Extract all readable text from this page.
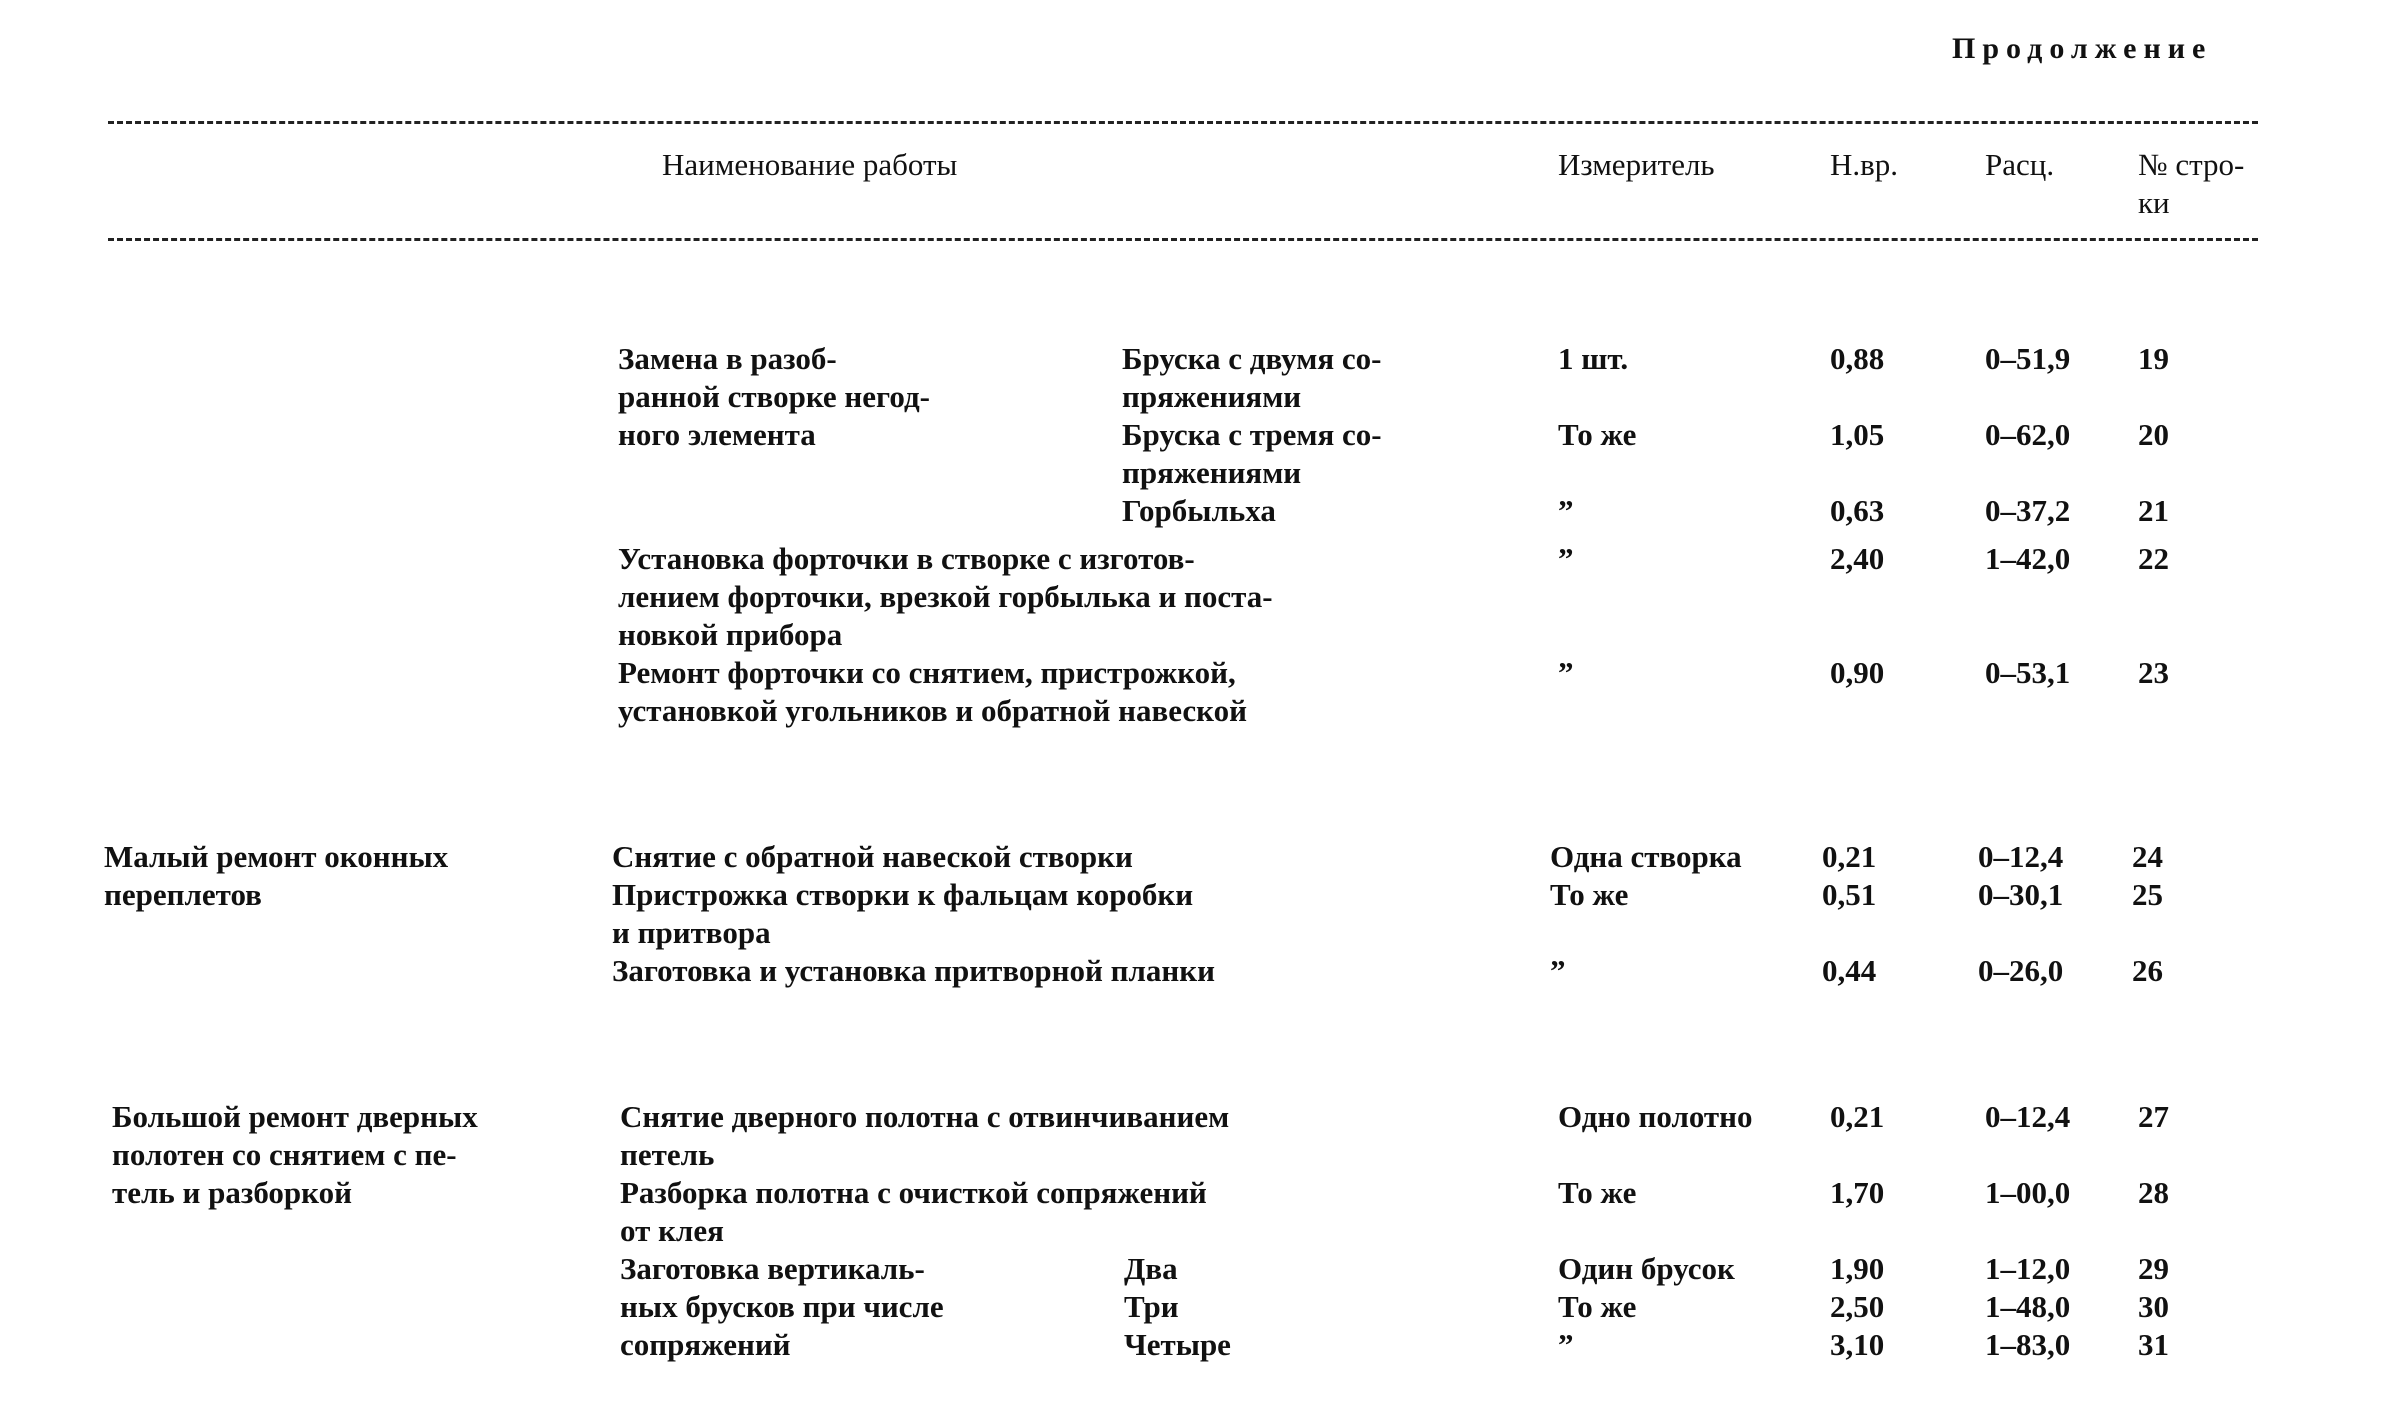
Продолжение
Наименование работы	Измеритель	Н.вр.	Расц.	№ стро-
ки
Замена в разоб-
ранной створке негод-
ного элемента
Бруска с двумя со-
пряжениями
1 шт.	0,88	0–51,9 19
Бруска с тремя со-
пряжениями
То же	1,05	0–62,0 20
Горбыльха	”	0,63	0–37,2 21
Установка форточки в створке с изготов-
лением форточки, врезкой горбылька и поста-
новкой прибора
”	2,40	1–42,0 22
Ремонт форточки со снятием, пристрожкой,
установкой угольников и обратной навеской
”	0,90	0–53,1 23
Малый ремонт оконных
переплетов
Снятие с обратной навеской створки	Одна створка	0,21	0–12,4 24
Пристрожка створки к фальцам коробки
и притвора
То же	0,51	0–30,1 25
Заготовка и установка притворной планки	”	0,44	0–26,0 26
Большой ремонт дверных
полотен со снятием с пе-
тель и разборкой
Снятие дверного полотна с отвинчиванием
петель
Одно полотно 0,21	0–12,4 27
Разборка полотна с очисткой сопряжений
от клея
То же	1,70	1–00,0 28
Заготовка вертикаль-
ных брусков при числе
сопряжений
Два	Один брусок	1,90	1–12,0 29
Три	То же	2,50	1–48,0 30
Четыре	”	3,10	1–83,0 31
